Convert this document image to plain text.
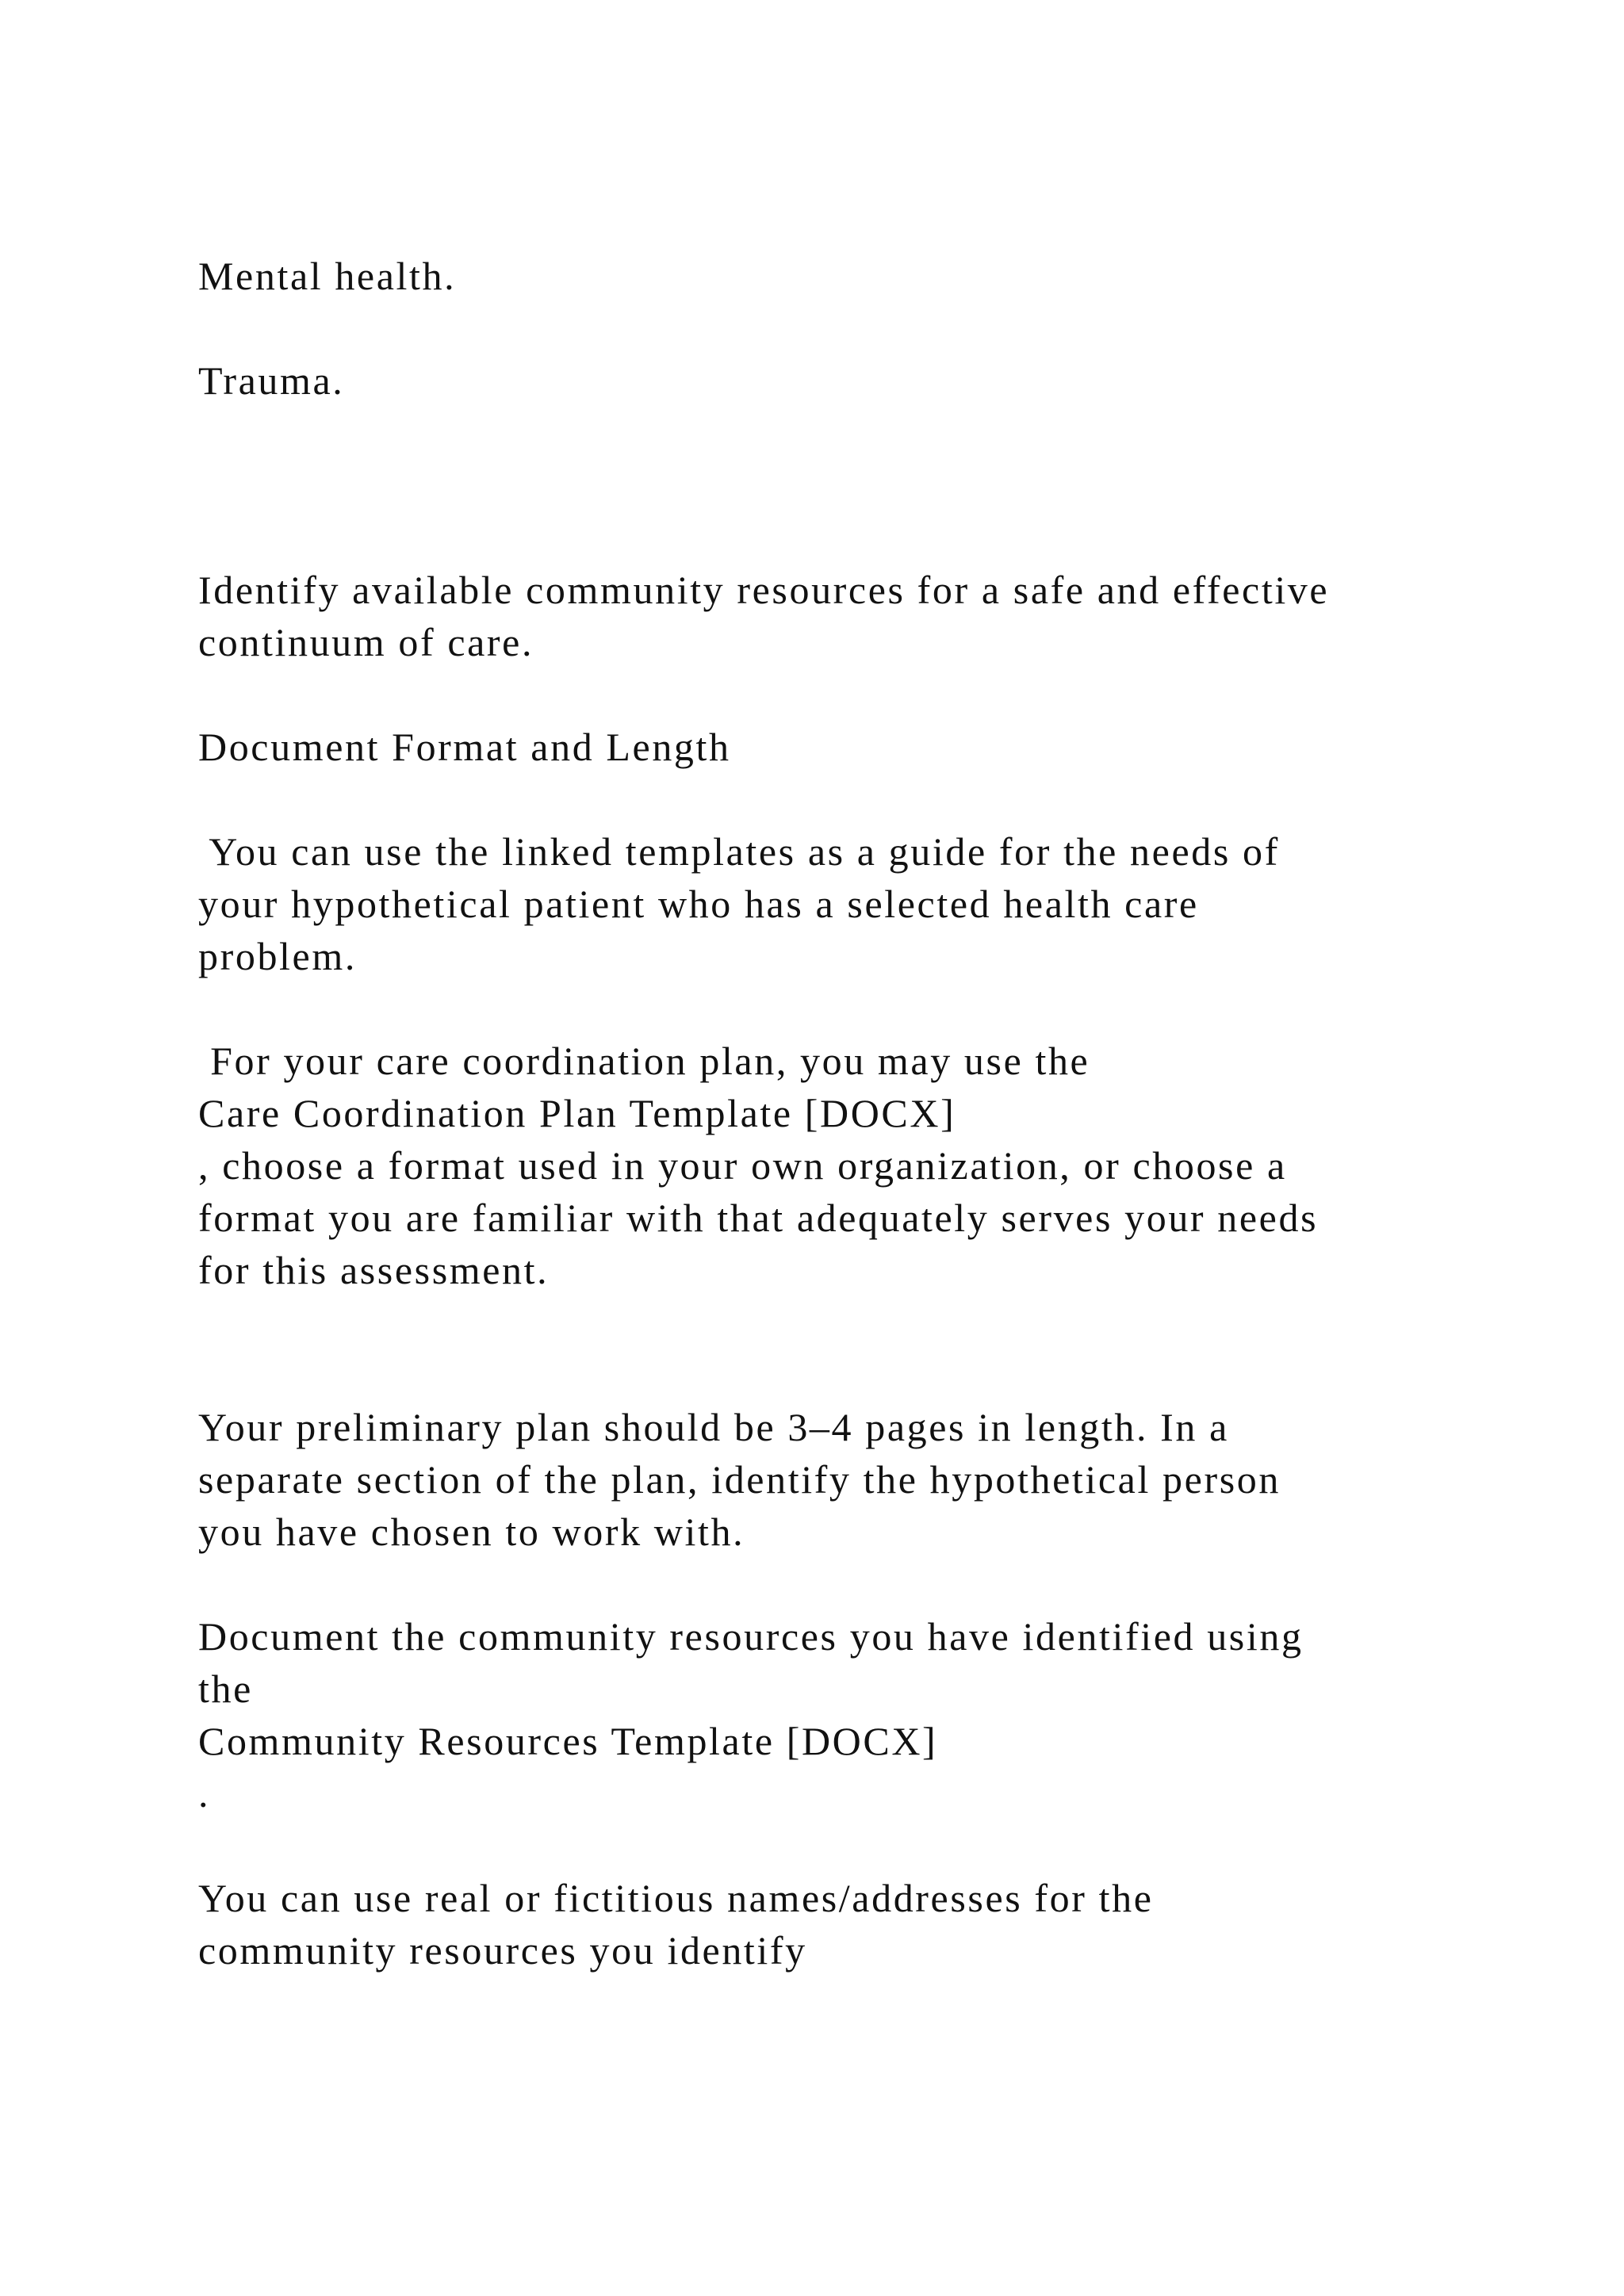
Mental health.
Trauma.
Identify available community resources for a safe and effective
continuum of care.
Document Format and Length
You can use the linked templates as a guide for the needs of
your hypothetical patient who has a selected health care
problem.
For your care coordination plan, you may use the
Care Coordination Plan Template [DOCX]
, choose a format used in your own organization, or choose a
format you are familiar with that adequately serves your needs
for this assessment.
Your preliminary plan should be 3–4 pages in length. In a
separate section of the plan, identify the hypothetical person
you have chosen to work with.
Document the community resources you have identified using
the
Community Resources Template [DOCX]
.
You can use real or fictitious names/addresses for the
community resources you identify
